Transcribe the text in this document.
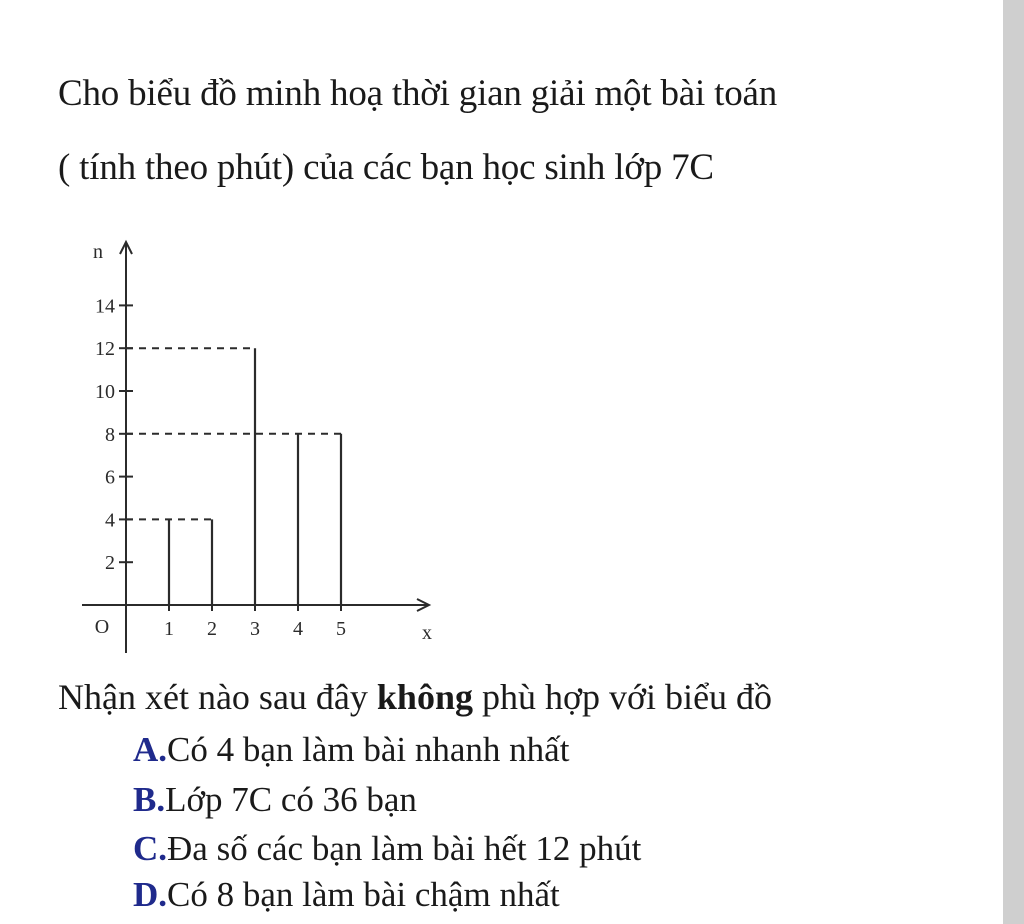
Cho biểu đồ minh hoạ thời gian giải một bài toán
( tính theo phút) của các bạn học sinh lớp 7C
x
n
O
2
4
6
8
10
12
14
1 2 3 4 5
Nhận xét nào sau đây không phù hợp với biểu đồ
A.Có 4 bạn làm bài nhanh nhất
B.Lớp 7C có 36 bạn
C.Đa số các bạn làm bài hết 12 phút
D.Có 8 bạn làm bài chậm nhất
